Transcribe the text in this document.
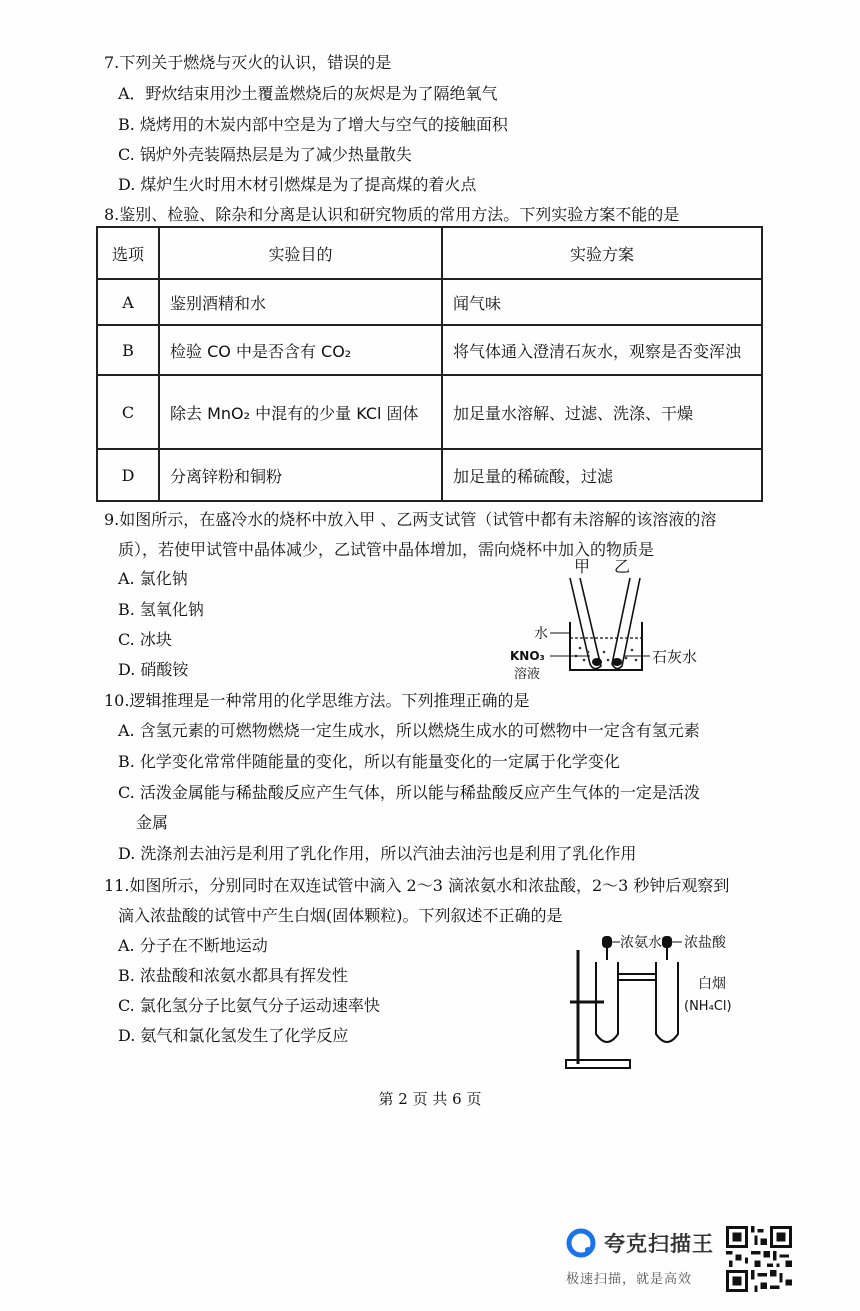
7.下列关于燃烧与灭火的认识，错误的是
A．野炊结束用沙土覆盖燃烧后的灰烬是为了隔绝氧气
B. 烧烤用的木炭内部中空是为了增大与空气的接触面积
C. 锅炉外壳装隔热层是为了减少热量散失
D. 煤炉生火时用木材引燃煤是为了提高煤的着火点
8.鉴别、检验、除杂和分离是认识和研究物质的常用方法。下列实验方案不能的是
选项	实验目的	实验方案
A	鉴别酒精和水	闻气味
B	检验 CO 中是否含有 CO₂	将气体通入澄清石灰水，观察是否变浑浊
C	除去 MnO₂ 中混有的少量 KCl 固体	加足量水溶解、过滤、洗涤、干燥
D	分离锌粉和铜粉	加足量的稀硫酸，过滤
9.如图所示，在盛冷水的烧杯中放入甲 、乙两支试管（试管中都有未溶解的该溶液的溶
质），若使甲试管中晶体减少，乙试管中晶体增加，需向烧杯中加入的物质是
A. 氯化钠
B. 氢氧化钠
C. 冰块
D. 硝酸铵
甲 乙
水
KNO₃
溶液
石灰水
10.逻辑推理是一种常用的化学思维方法。下列推理正确的是
A. 含氢元素的可燃物燃烧一定生成水，所以燃烧生成水的可燃物中一定含有氢元素
B. 化学变化常常伴随能量的变化，所以有能量变化的一定属于化学变化
C. 活泼金属能与稀盐酸反应产生气体，所以能与稀盐酸反应产生气体的一定是活泼
金属
D. 洗涤剂去油污是利用了乳化作用，所以汽油去油污也是利用了乳化作用
11.如图所示，分别同时在双连试管中滴入 2～3 滴浓氨水和浓盐酸，2～3 秒钟后观察到
滴入浓盐酸的试管中产生白烟(固体颗粒)。下列叙述不正确的是
A. 分子在不断地运动
B. 浓盐酸和浓氨水都具有挥发性
C. 氯化氢分子比氨气分子运动速率快
D. 氨气和氯化氢发生了化学反应
浓氨水 浓盐酸
白烟
(NH₄Cl)
第 2 页 共 6 页
夸克扫描王
极速扫描，就是高效
